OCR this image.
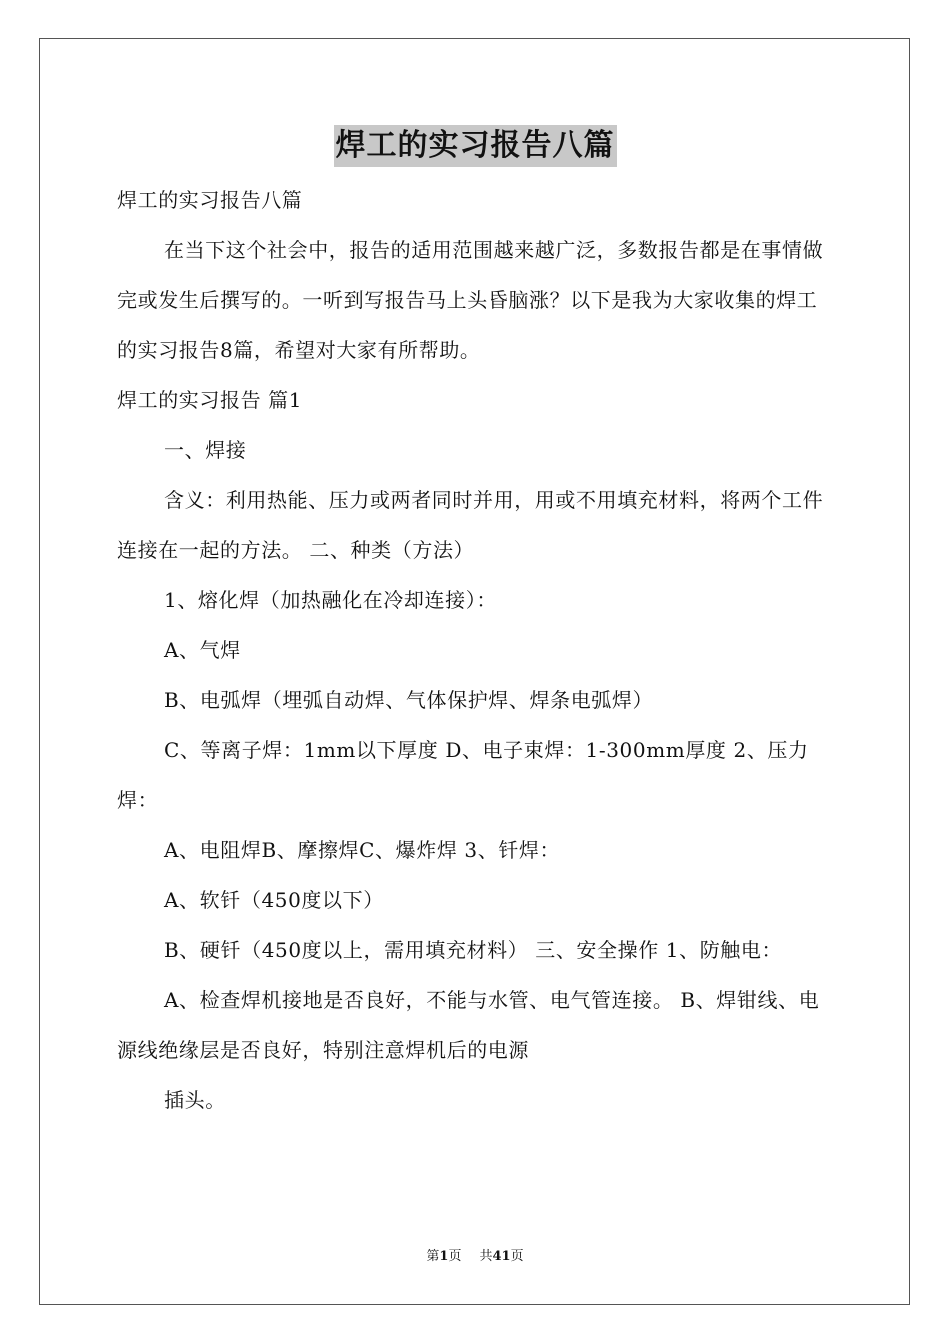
焊工的实习报告八篇

焊工的实习报告八篇

在当下这个社会中，报告的适用范围越来越广泛，多数报告都是在事情做完或发生后撰写的。一听到写报告马上头昏脑涨？以下是我为大家收集的焊工的实习报告8篇，希望对大家有所帮助。

焊工的实习报告 篇1

一、焊接

含义：利用热能、压力或两者同时并用，用或不用填充材料，将两个工件连接在一起的方法。 二、种类（方法）

1、熔化焊（加热融化在冷却连接）：

A、气焊

B、电弧焊（埋弧自动焊、气体保护焊、焊条电弧焊）

C、等离子焊：1mm以下厚度 D、电子束焊：1-300mm厚度 2、压力焊：

A、电阻焊B、摩擦焊C、爆炸焊 3、钎焊：

A、软钎（450度以下）

B、硬钎（450度以上，需用填充材料） 三、安全操作 1、防触电：

A、检查焊机接地是否良好，不能与水管、电气管连接。 B、焊钳线、电源线绝缘层是否良好，特别注意焊机后的电源

插头。

第1页 共41页
